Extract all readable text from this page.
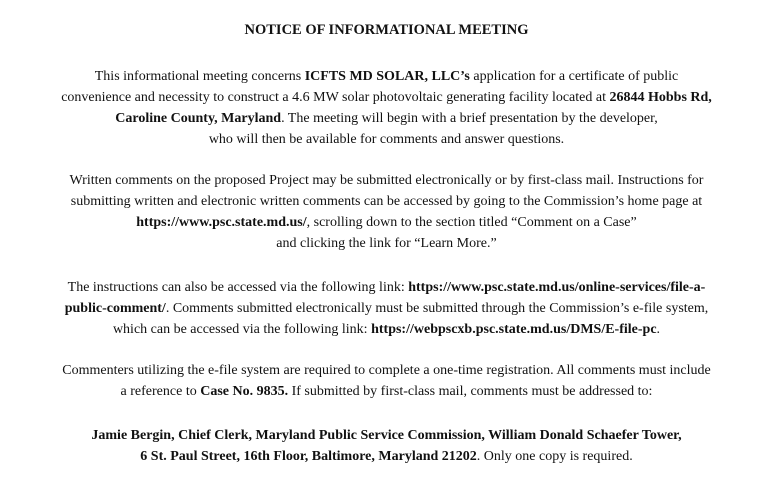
NOTICE OF INFORMATIONAL MEETING
This informational meeting concerns ICFTS MD SOLAR, LLC’s application for a certificate of public
convenience and necessity to construct a 4.6 MW solar photovoltaic generating facility located at 26844 Hobbs Rd,
Caroline County, Maryland. The meeting will begin with a brief presentation by the developer,
who will then be available for comments and answer questions.
Written comments on the proposed Project may be submitted electronically or by first-class mail. Instructions for
submitting written and electronic written comments can be accessed by going to the Commission’s home page at
https://www.psc.state.md.us/, scrolling down to the section titled “Comment on a Case”
and clicking the link for “Learn More.”
The instructions can also be accessed via the following link: https://www.psc.state.md.us/online-services/file-a-
public-comment/. Comments submitted electronically must be submitted through the Commission’s e-file system,
which can be accessed via the following link: https://webpscxb.psc.state.md.us/DMS/E-file-pc.
Commenters utilizing the e-file system are required to complete a one-time registration. All comments must include
a reference to Case No. 9835. If submitted by first-class mail, comments must be addressed to:
Jamie Bergin, Chief Clerk, Maryland Public Service Commission, William Donald Schaefer Tower,
6 St. Paul Street, 16th Floor, Baltimore, Maryland 21202. Only one copy is required.
